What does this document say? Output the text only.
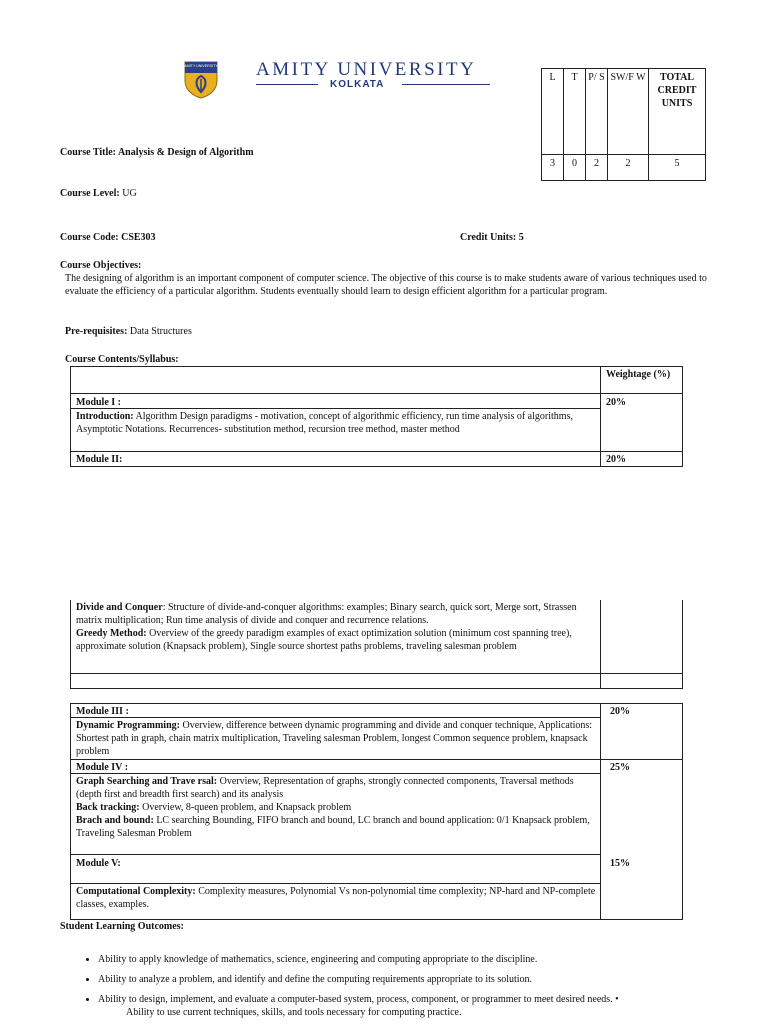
AMITY UNIVERSITY AMITY UNIVERSITY
KOLKATA
L	T	P/ S	SW/F W	TOTAL CREDIT UNITS
3	0	2	2	5
Course Title: Analysis & Design of Algorithm
Course Level: UG
Course Code: CSE303	Credit Units: 5
Course Objectives:
The designing of algorithm is an important component of computer science. The objective of this course is to make students aware of various techniques used to evaluate the efficiency of a particular algorithm. Students eventually should learn to design efficient algorithm for a particular program.
Pre-requisites: Data Structures
Course Contents/Syllabus:
Weightage (%)
Module I :	20%
Introduction: Algorithm Design paradigms - motivation, concept of algorithmic efficiency, run time analysis of algorithms, Asymptotic Notations. Recurrences- substitution method, recursion tree method, master method
Module II:	20%
Divide and Conquer: Structure of divide-and-conquer algorithms: examples; Binary search, quick sort, Merge sort, Strassen matrix multiplication; Run time analysis of divide and conquer and recurrence relations.
Greedy Method: Overview of the greedy paradigm examples of exact optimization solution (minimum cost spanning tree), approximate solution (Knapsack problem), Single source shortest paths problems, traveling salesman problem
Module III :	20%
Dynamic Programming: Overview, difference between dynamic programming and divide and conquer technique, Applications: Shortest path in graph, chain matrix multiplication, Traveling salesman Problem, longest Common sequence problem, knapsack problem
Module IV :	25%
Graph Searching and Trave rsal: Overview, Representation of graphs, strongly connected components, Traversal methods (depth first and breadth first search) and its analysis
Back tracking: Overview, 8-queen problem, and Knapsack problem
Brach and bound: LC searching Bounding, FIFO branch and bound, LC branch and bound application: 0/1 Knapsack problem, Traveling Salesman Problem
Module V:	15%
Computational Complexity: Complexity measures, Polynomial Vs non-polynomial time complexity; NP-hard and NP-complete classes, examples.
Student Learning Outcomes:
• Ability to apply knowledge of mathematics, science, engineering and computing appropriate to the discipline.
• Ability to analyze a problem, and identify and define the computing requirements appropriate to its solution.
• Ability to design, implement, and evaluate a computer-based system, process, component, or programmer to meet desired needs. •
Ability to use current techniques, skills, and tools necessary for computing practice.
